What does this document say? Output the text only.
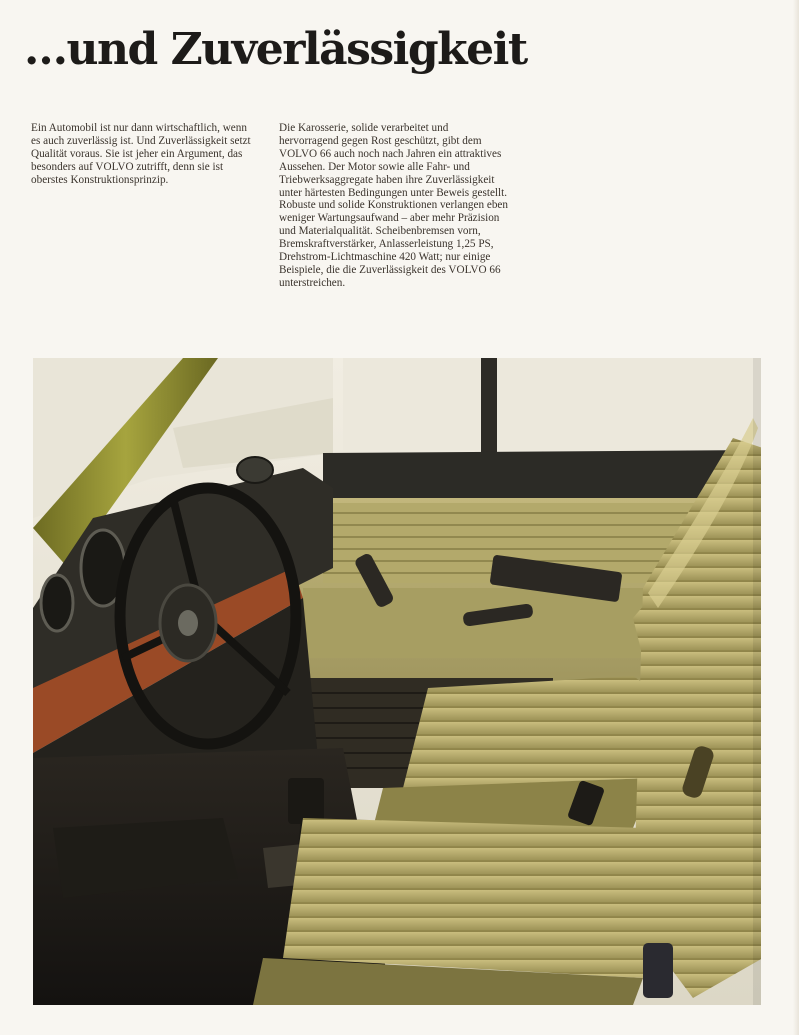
…und Zuverlässigkeit

Ein Automobil ist nur dann wirtschaftlich, wenn es auch zuverlässig ist. Und Zuverlässigkeit setzt Qualität voraus. Sie ist jeher ein Argument, das besonders auf VOLVO zutrifft, denn sie ist oberstes Konstruktionsprinzip.

Die Karosserie, solide verarbeitet und hervorragend gegen Rost geschützt, gibt dem VOLVO 66 auch noch nach Jahren ein attraktives Aussehen. Der Motor sowie alle Fahr- und Triebwerksaggregate haben ihre Zuverlässigkeit unter härtesten Bedingungen unter Beweis gestellt. Robuste und solide Konstruktionen verlangen eben weniger Wartungsaufwand – aber mehr Präzision und Materialqualität. Scheibenbremsen vorn, Bremskraftverstärker, Anlasserleistung 1,25 PS, Drehstrom-Lichtmaschine 420 Watt; nur einige Beispiele, die die Zuverlässigkeit des VOLVO 66 unterstreichen.
